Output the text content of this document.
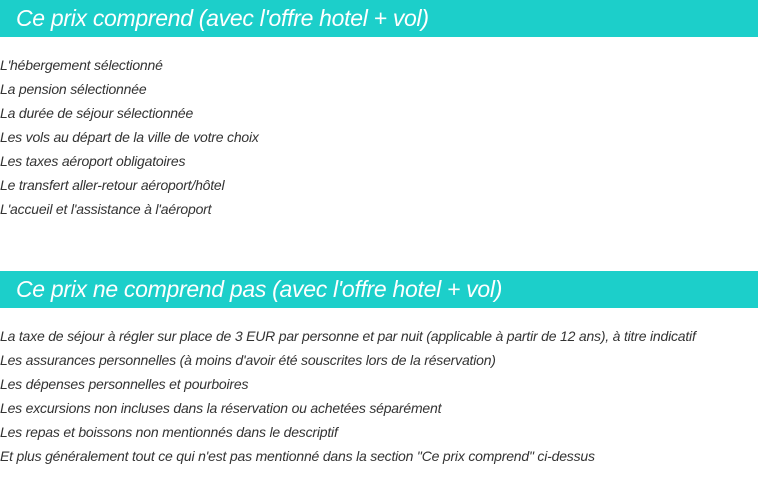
Ce prix comprend (avec l'offre hotel + vol)
L'hébergement sélectionné
La pension sélectionnée
La durée de séjour sélectionnée
Les vols au départ de la ville de votre choix
Les taxes aéroport obligatoires
Le transfert aller-retour aéroport/hôtel
L'accueil et l'assistance à l'aéroport
Ce prix ne comprend pas (avec l'offre hotel + vol)
La taxe de séjour à régler sur place de 3 EUR par personne et par nuit (applicable à partir de 12 ans), à titre indicatif
Les assurances personnelles (à moins d'avoir été souscrites lors de la réservation)
Les dépenses personnelles et pourboires
Les excursions non incluses dans la réservation ou achetées séparément
Les repas et boissons non mentionnés dans le descriptif
Et plus généralement tout ce qui n'est pas mentionné dans la section "Ce prix comprend" ci-dessus
